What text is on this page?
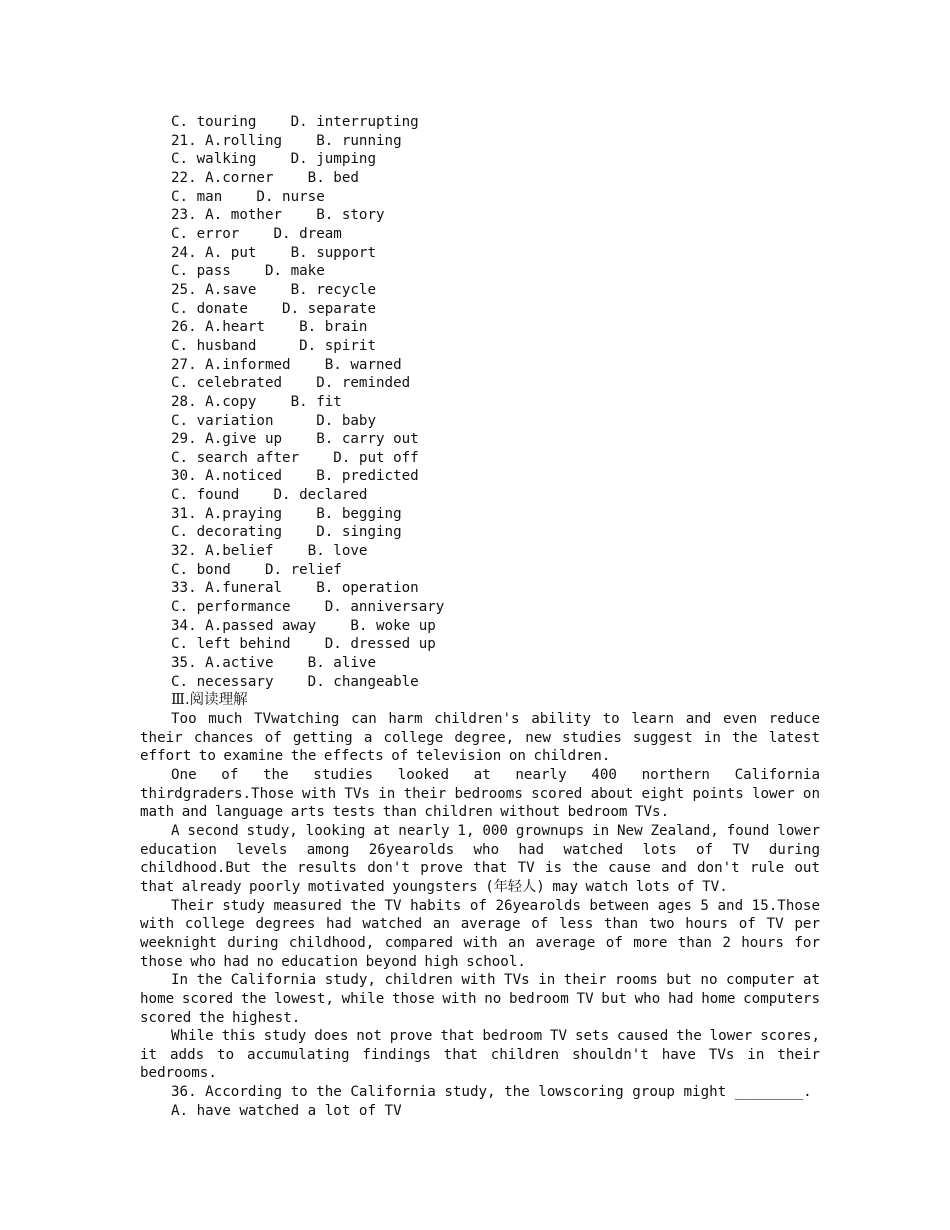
C. touring    D. interrupting
21. A.rolling    B. running
C. walking    D. jumping
22. A.corner    B. bed
C. man    D. nurse
23. A. mother    B. story
C. error    D. dream
24. A. put    B. support
C. pass    D. make
25. A.save    B. recycle
C. donate    D. separate
26. A.heart    B. brain
C. husband     D. spirit
27. A.informed    B. warned
C. celebrated    D. reminded
28. A.copy    B. fit
C. variation     D. baby
29. A.give up    B. carry out
C. search after    D. put off
30. A.noticed    B. predicted
C. found    D. declared
31. A.praying    B. begging
C. decorating    D. singing
32. A.belief    B. love
C. bond    D. relief
33. A.funeral    B. operation
C. performance    D. anniversary
34. A.passed away    B. woke up
C. left behind    D. dressed up
35. A.active    B. alive
C. necessary    D. changeable
Ⅲ.阅读理解
Too much TVwatching can harm children's ability to learn and even reduce their chances of getting a college degree, new studies suggest in the latest effort to examine the effects of television on children.
One of the studies looked at nearly 400 northern California thirdgraders.Those with TVs in their bedrooms scored about eight points lower on math and language arts tests than children without bedroom TVs.
A second study, looking at nearly 1, 000 grownups in New Zealand, found lower education levels among 26yearolds who had watched lots of TV during childhood.But the results don't prove that TV is the cause and don't rule out that already poorly motivated youngsters (年轻人) may watch lots of TV.
Their study measured the TV habits of 26yearolds between ages 5 and 15.Those with college degrees had watched an average of less than two hours of TV per weeknight during childhood, compared with an average of more than 2 hours for those who had no education beyond high school.
In the California study, children with TVs in their rooms but no computer at home scored the lowest, while those with no bedroom TV but who had home computers scored the highest.
While this study does not prove that bedroom TV sets caused the lower scores, it adds to accumulating findings that children shouldn't have TVs in their bedrooms.
36. According to the California study, the lowscoring group might ________.
A. have watched a lot of TV
